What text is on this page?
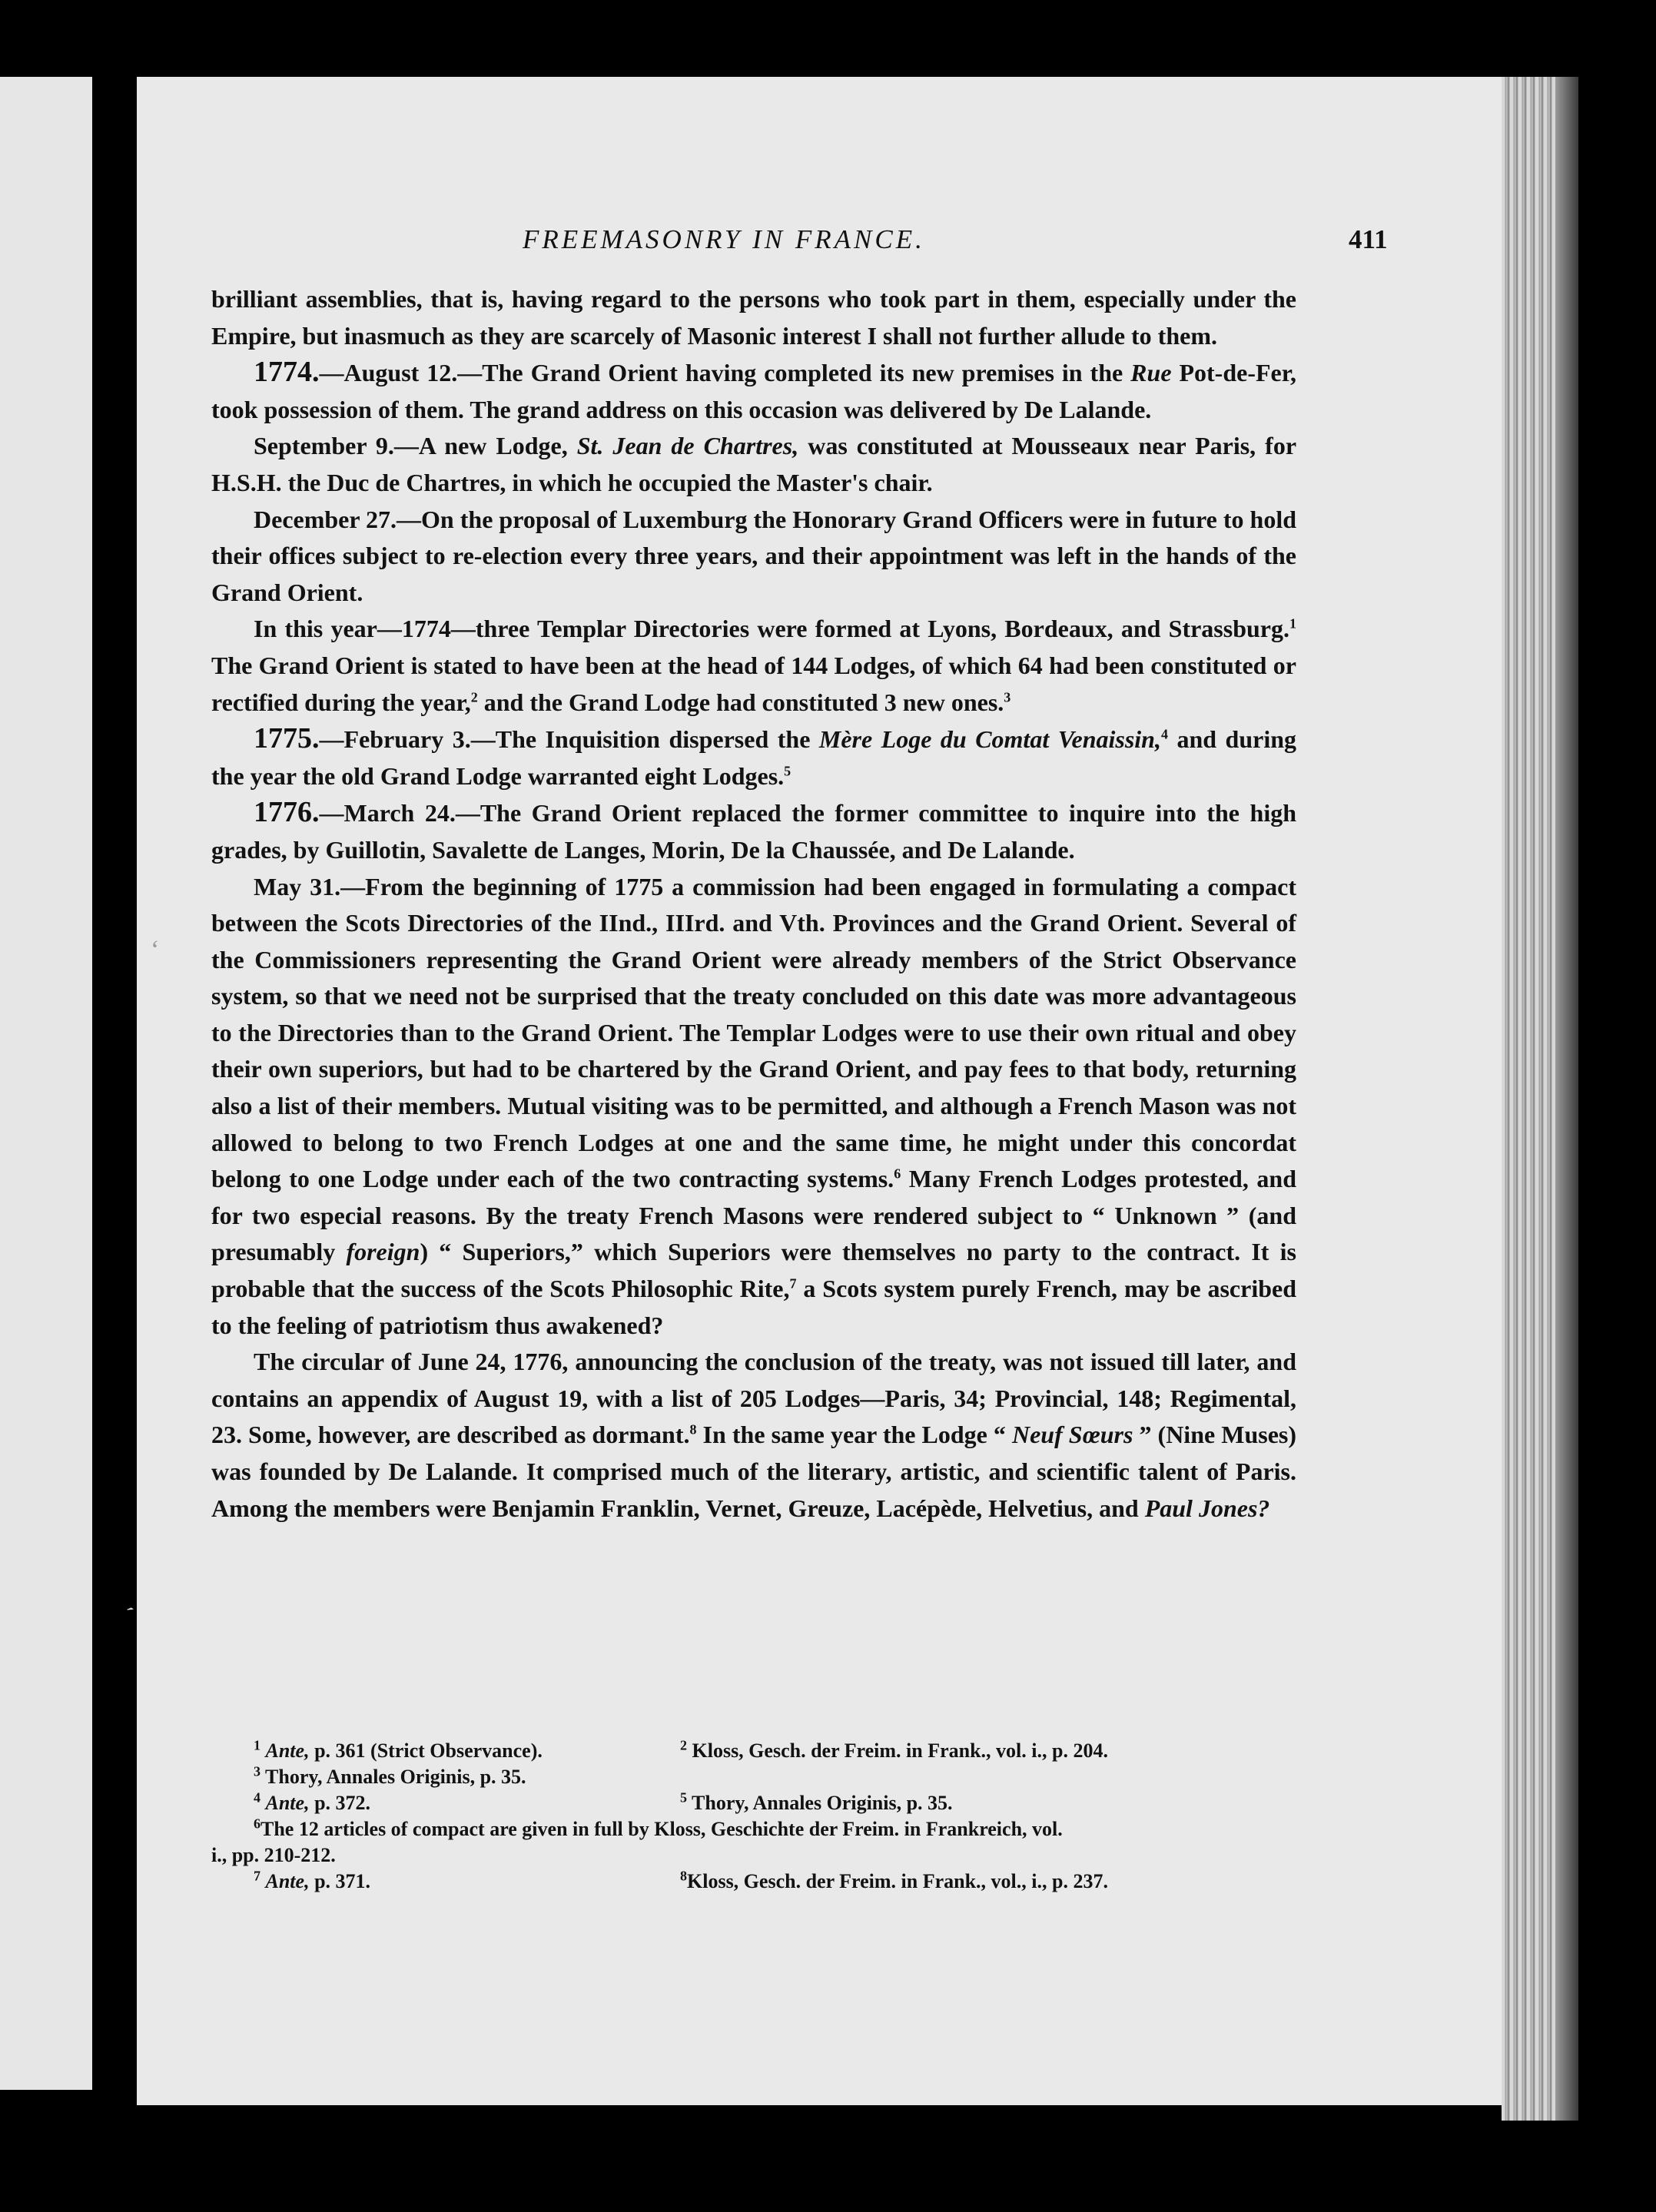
FREEMASONRY IN FRANCE.	411

brilliant assemblies, that is, having regard to the persons who took part in them, especially under the Empire, but inasmuch as they are scarcely of Masonic interest I shall not further allude to them.

1774.—August 12.—The Grand Orient having completed its new premises in the Rue Pot-de-Fer, took possession of them. The grand address on this occasion was delivered by De Lalande.

September 9.—A new Lodge, St. Jean de Chartres, was constituted at Mousseaux near Paris, for H.S.H. the Duc de Chartres, in which he occupied the Master's chair.

December 27.—On the proposal of Luxemburg the Honorary Grand Officers were in future to hold their offices subject to re-election every three years, and their appointment was left in the hands of the Grand Orient.

In this year—1774—three Templar Directories were formed at Lyons, Bordeaux, and Strassburg.$^1$ The Grand Orient is stated to have been at the head of 144 Lodges, of which 64 had been constituted or rectified during the year,$^2$ and the Grand Lodge had constituted 3 new ones.$^3$

1775.—February 3.—The Inquisition dispersed the Mère Loge du Comtat Venaissin,$^4$ and during the year the old Grand Lodge warranted eight Lodges.$^5$

1776.—March 24.—The Grand Orient replaced the former committee to inquire into the high grades, by Guillotin, Savalette de Langes, Morin, De la Chaussée, and De Lalande.

May 31.—From the beginning of 1775 a commission had been engaged in formulating a compact between the Scots Directories of the IInd., IIIrd. and Vth. Provinces and the Grand Orient. Several of the Commissioners representing the Grand Orient were already members of the Strict Observance system, so that we need not be surprised that the treaty concluded on this date was more advantageous to the Directories than to the Grand Orient. The Templar Lodges were to use their own ritual and obey their own superiors, but had to be chartered by the Grand Orient, and pay fees to that body, returning also a list of their members. Mutual visiting was to be permitted, and although a French Mason was not allowed to belong to two French Lodges at one and the same time, he might under this concordat belong to one Lodge under each of the two contracting systems.$^6$ Many French Lodges protested, and for two especial reasons. By the treaty French Masons were rendered subject to “ Unknown ” (and presumably foreign) “ Superiors,” which Superiors were themselves no party to the contract. It is probable that the success of the Scots Philosophic Rite,$^7$ a Scots system purely French, may be ascribed to the feeling of patriotism thus awakened?

The circular of June 24, 1776, announcing the conclusion of the treaty, was not issued till later, and contains an appendix of August 19, with a list of 205 Lodges—Paris, 34; Provincial, 148; Regimental, 23. Some, however, are described as dormant.$^8$ In the same year the Lodge “ Neuf Sœurs ” (Nine Muses) was founded by De Lalande. It comprised much of the literary, artistic, and scientific talent of Paris. Among the members were Benjamin Franklin, Vernet, Greuze, Lacépède, Helvetius, and Paul Jones?

$^1$ Ante, p. 361 (Strict Observance).	$^2$ Kloss, Gesch. der Freim. in Frank., vol. i., p. 204.
$^3$ Thory, Annales Originis, p. 35.
$^4$ Ante, p. 372.	$^5$ Thory, Annales Originis, p. 35.
$^6$The 12 articles of compact are given in full by Kloss, Geschichte der Freim. in Frankreich, vol.
i., pp. 210-212.
$^7$ Ante, p. 371.	$^8$Kloss, Gesch. der Freim. in Frank., vol., i., p. 237.
´
‘
